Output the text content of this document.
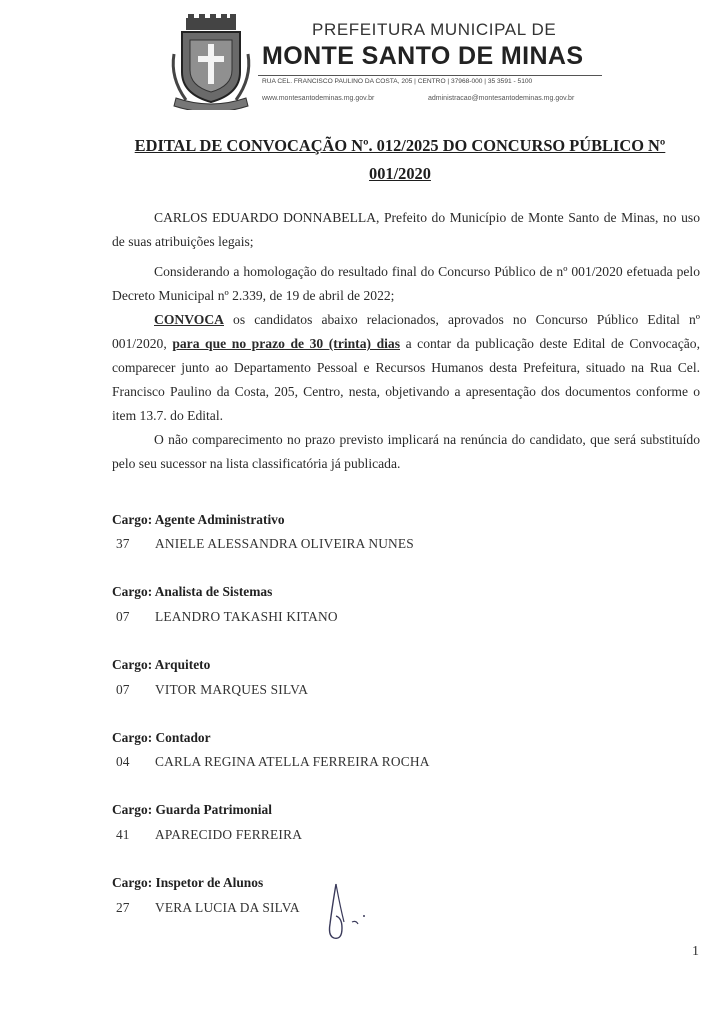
PREFEITURA MUNICIPAL DE
MONTE SANTO DE MINAS
RUA CEL. FRANCISCO PAULINO DA COSTA, 205 | CENTRO | 37968-000 | 35 3591 - 5100
www.montesantodeminas.mg.gov.br	administracao@montesantodeminas.mg.gov.br
EDITAL DE CONVOCAÇÃO Nº. 012/2025 DO CONCURSO PÚBLICO Nº
001/2020
CARLOS EDUARDO DONNABELLA, Prefeito do Município de Monte Santo de Minas, no uso de suas atribuições legais;
Considerando a homologação do resultado final do Concurso Público de nº 001/2020 efetuada pelo Decreto Municipal nº 2.339, de 19 de abril de 2022;
CONVOCA os candidatos abaixo relacionados, aprovados no Concurso Público Edital nº 001/2020, para que no prazo de 30 (trinta) dias a contar da publicação deste Edital de Convocação, comparecer junto ao Departamento Pessoal e Recursos Humanos desta Prefeitura, situado na Rua Cel. Francisco Paulino da Costa, 205, Centro, nesta, objetivando a apresentação dos documentos conforme o item 13.7. do Edital.
O não comparecimento no prazo previsto implicará na renúncia do candidato, que será substituído pelo seu sucessor na lista classificatória já publicada.
Cargo: Agente Administrativo
37 ANIELE ALESSANDRA OLIVEIRA NUNES
Cargo: Analista de Sistemas
07 LEANDRO TAKASHI KITANO
Cargo: Arquiteto
07 VITOR MARQUES SILVA
Cargo: Contador
04 CARLA REGINA ATELLA FERREIRA ROCHA
Cargo: Guarda Patrimonial
41 APARECIDO FERREIRA
Cargo: Inspetor de Alunos
27 VERA LUCIA DA SILVA
1
